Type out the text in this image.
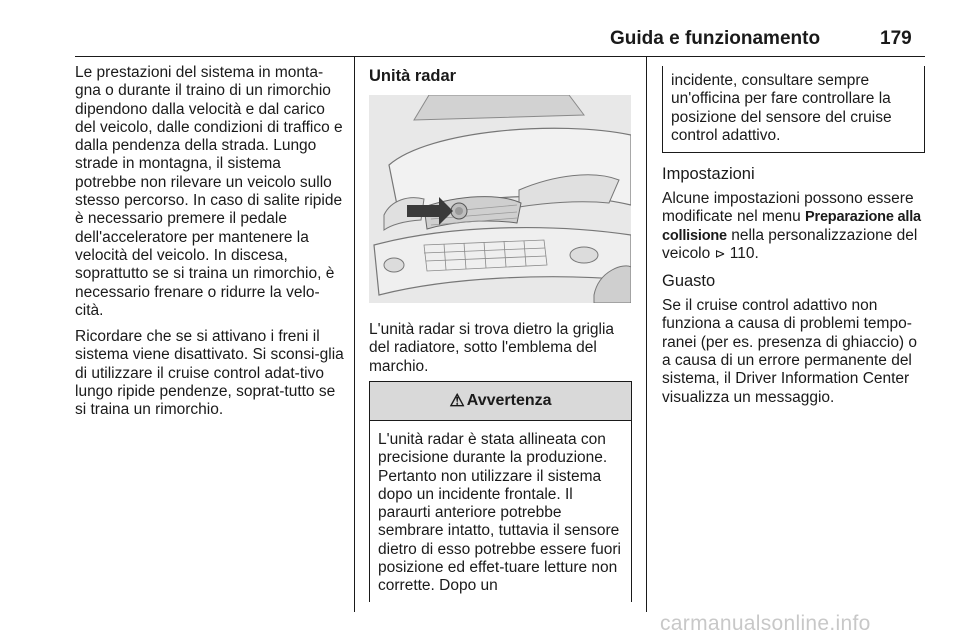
Guida e funzionamento	179

Le prestazioni del sistema in monta-gna o durante il traino di un rimorchio dipendono dalla velocità e dal carico del veicolo, dalle condizioni di traffico e dalla pendenza della strada. Lungo strade in montagna, il sistema potrebbe non rilevare un veicolo sullo stesso percorso. In caso di salite ripide è necessario premere il pedale dell'acceleratore per mantenere la velocità del veicolo. In discesa, soprattutto se si traina un rimorchio, è necessario frenare o ridurre la velo-cità.

Ricordare che se si attivano i freni il sistema viene disattivato. Si sconsi-glia di utilizzare il cruise control adat-tivo lungo ripide pendenze, soprat-tutto se si traina un rimorchio.

Unità radar
L'unità radar si trova dietro la griglia del radiatore, sotto l'emblema del marchio.
⚠ Avvertenza
L'unità radar è stata allineata con precisione durante la produzione. Pertanto non utilizzare il sistema dopo un incidente frontale. Il paraurti anteriore potrebbe sembrare intatto, tuttavia il sensore dietro di esso potrebbe essere fuori posizione ed effet-tuare letture non corrette. Dopo un
incidente, consultare sempre un'officina per fare controllare la posizione del sensore del cruise control adattivo.
Impostazioni

Alcune impostazioni possono essere modificate nel menu Preparazione alla collisione nella personalizzazione del veicolo ⊳ 110.

Guasto

Se il cruise control adattivo non funziona a causa di problemi tempo-ranei (per es. presenza di ghiaccio) o a causa di un errore permanente del sistema, il Driver Information Center visualizza un messaggio.

carmanualsonline.info
